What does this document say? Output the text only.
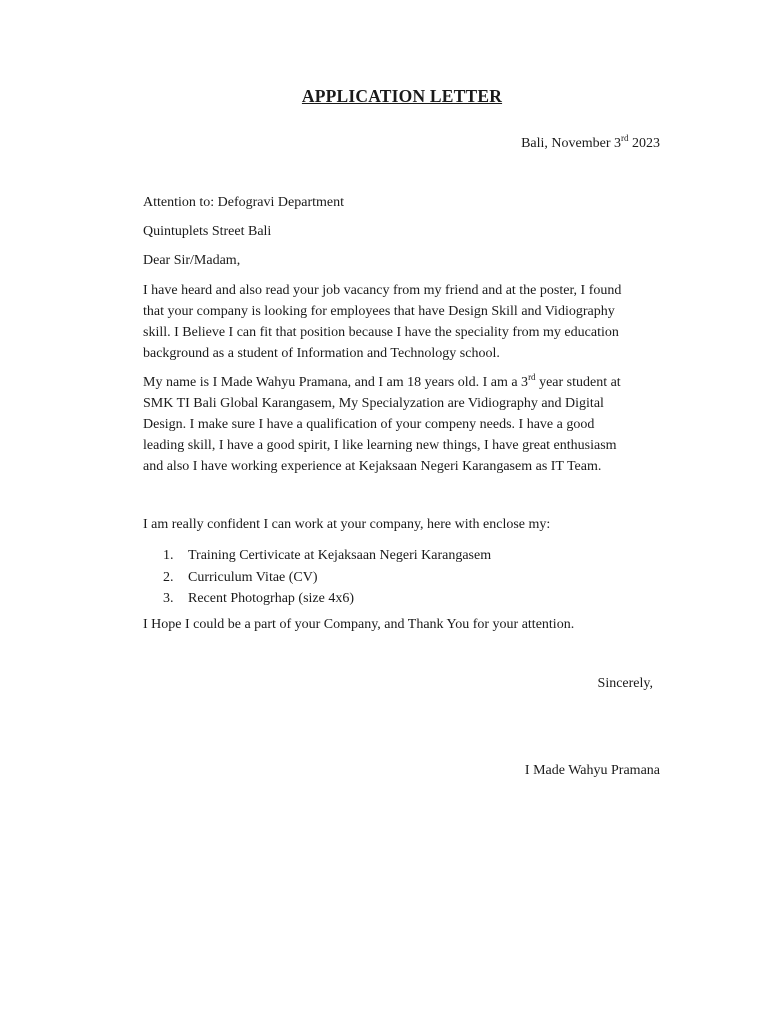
APPLICATION LETTER
Bali, November 3rd 2023
Attention to: Defogravi Department
Quintuplets Street Bali
Dear Sir/Madam,
I have heard and also read your job vacancy from my friend and at the poster, I found
that your company is looking for employees that have Design Skill and Vidiography
skill. I Believe I can fit that position because I have the speciality from my education
background as a student of Information and Technology school.
My name is I Made Wahyu Pramana, and I am 18 years old. I am a 3rd year student at
SMK TI Bali Global Karangasem, My Specialyzation are Vidiography and Digital
Design. I make sure I have a qualification of your compeny needs. I have a good
leading skill, I have a good spirit, I like learning new things, I have great enthusiasm
and also I have working experience at Kejaksaan Negeri Karangasem as IT Team.
I am really confident I can work at your company, here with enclose my:
1. Training Certivicate at Kejaksaan Negeri Karangasem
2. Curriculum Vitae (CV)
3. Recent Photogrhap (size 4x6)
I Hope I could be a part of your Company, and Thank You for your attention.
Sincerely,
I Made Wahyu Pramana
